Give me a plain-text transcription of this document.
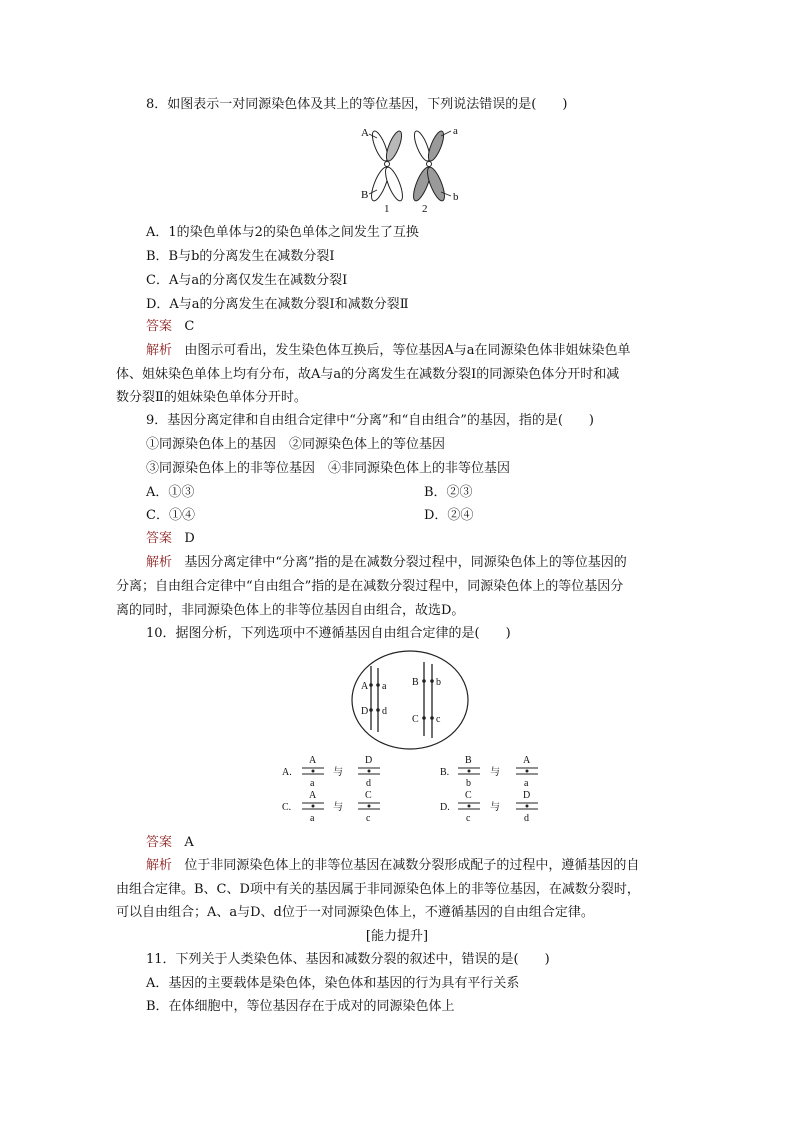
8．如图表示一对同源染色体及其上的等位基因，下列说法错误的是(　　)
A	a
B	b
1	2
A．1的染色单体与2的染色单体之间发生了互换
B．B与b的分离发生在减数分裂Ⅰ
C．A与a的分离仅发生在减数分裂Ⅰ
D．A与a的分离发生在减数分裂Ⅰ和减数分裂Ⅱ
答案 C
解析 由图示可看出，发生染色体互换后，等位基因A与a在同源染色体非姐妹染色单
体、姐妹染色单体上均有分布，故A与a的分离发生在减数分裂Ⅰ的同源染色体分开时和减
数分裂Ⅱ的姐妹染色单体分开时。
9．基因分离定律和自由组合定律中“分离”和“自由组合”的基因，指的是(　　)
①同源染色体上的基因　②同源染色体上的等位基因
③同源染色体上的非等位基因　④非同源染色体上的非等位基因
A．①③	B．②③
C．①④	D．②④
答案 D
解析 基因分离定律中“分离”指的是在减数分裂过程中，同源染色体上的等位基因的
分离；自由组合定律中“自由组合”指的是在减数分裂过程中，同源染色体上的等位基因分
离的同时，非同源染色体上的非等位基因自由组合，故选D。
10．据图分析，下列选项中不遵循基因自由组合定律的是(　　)
A a
D d
B b
C c
A.
A
a
与
D
d
B.
B
b
与
A
a
C.
A
a
与
C
c
D.
C
c
与
D
d
答案 A
解析 位于非同源染色体上的非等位基因在减数分裂形成配子的过程中，遵循基因的自
由组合定律。B、C、D项中有关的基因属于非同源染色体上的非等位基因，在减数分裂时，
可以自由组合；A、a与D、d位于一对同源染色体上，不遵循基因的自由组合定律。
[能力提升]
11．下列关于人类染色体、基因和减数分裂的叙述中，错误的是(　　)
A．基因的主要载体是染色体，染色体和基因的行为具有平行关系
B．在体细胞中，等位基因存在于成对的同源染色体上
